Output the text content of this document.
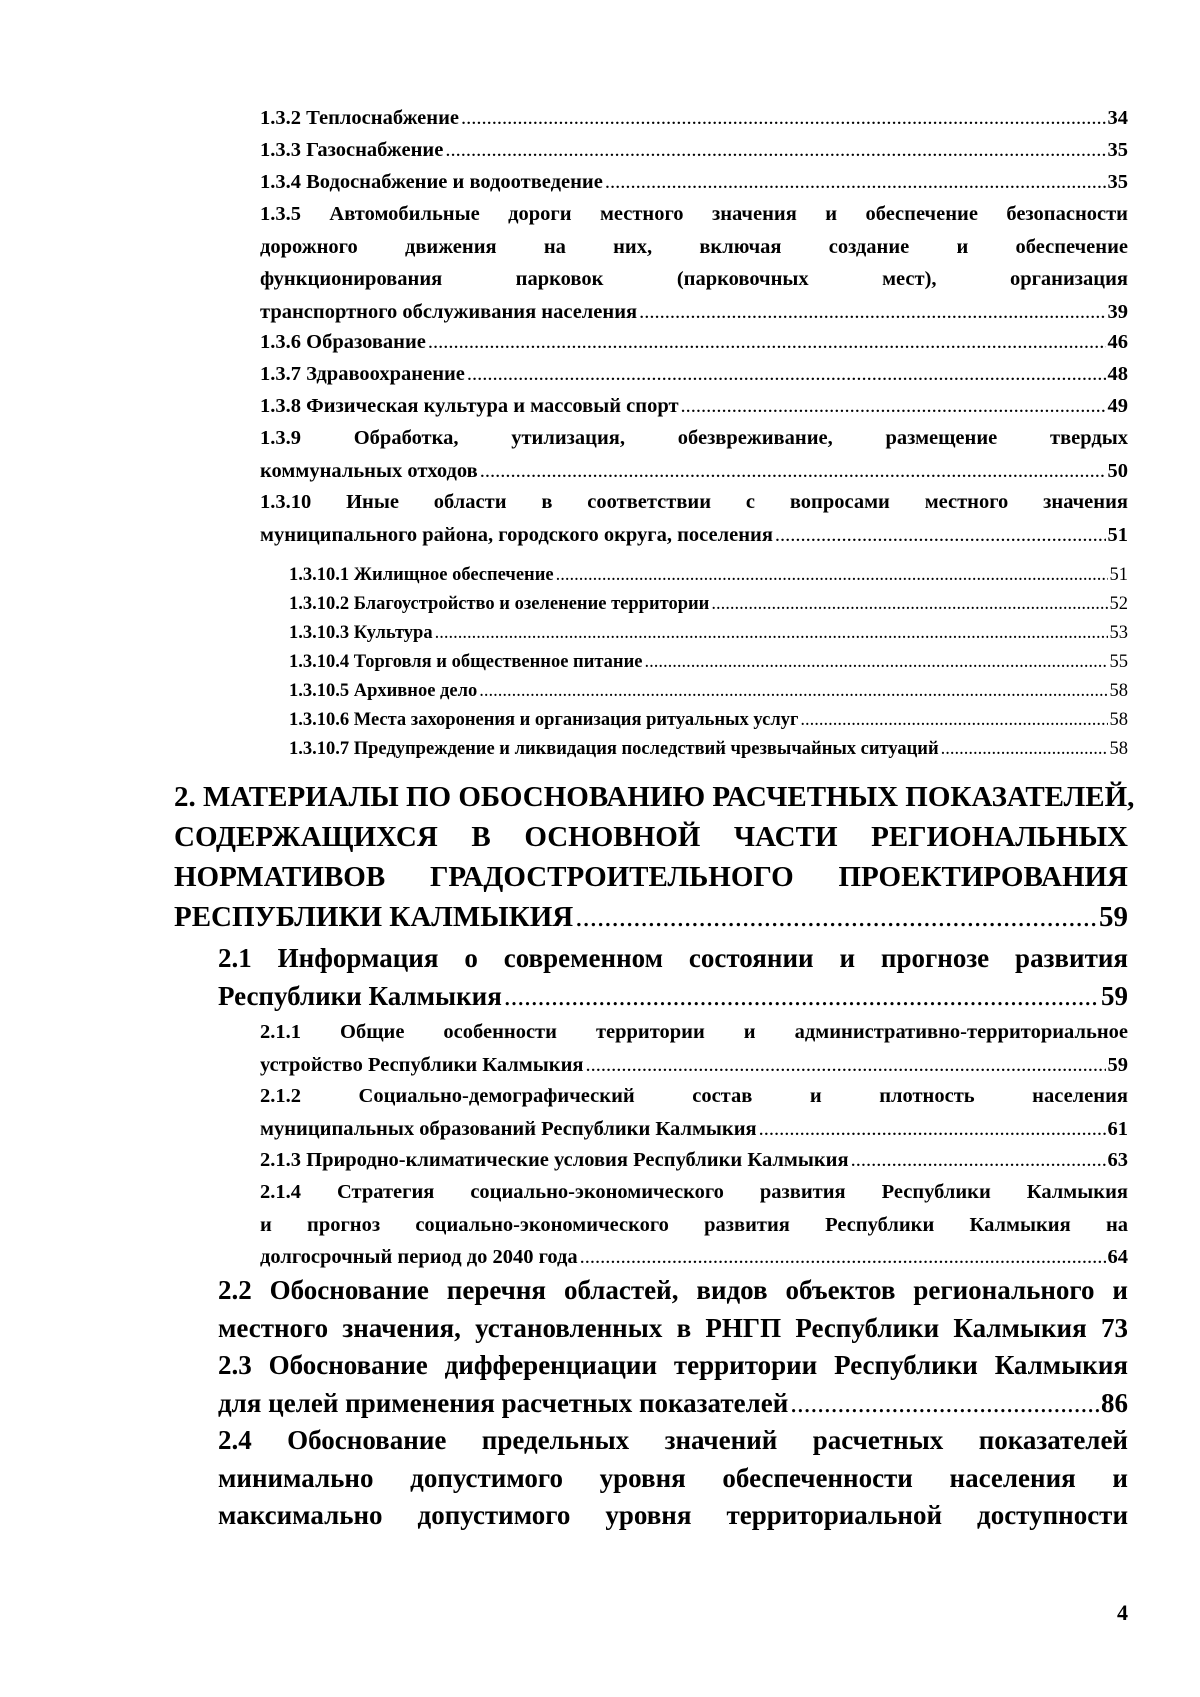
1.3.2 Теплоснабжение .....	34
1.3.3 Газоснабжение .....	35
1.3.4 Водоснабжение и водоотведение .....	35
1.3.5 Автомобильные дороги местного значения и обеспечение безопасности
дорожного движения на них, включая создание и обеспечение
функционирования парковок (парковочных мест), организация
транспортного обслуживания населения .....	39
1.3.6 Образование .....	46
1.3.7 Здравоохранение .....	48
1.3.8 Физическая культура и массовый спорт .....	49
1.3.9 Обработка, утилизация, обезвреживание, размещение твердых
коммунальных отходов .....	50
1.3.10 Иные области в соответствии с вопросами местного значения
муниципального района, городского округа, поселения .....	51
1.3.10.1 Жилищное обеспечение .....	51
1.3.10.2 Благоустройство и озеленение территории .....	52
1.3.10.3 Культура .....	53
1.3.10.4 Торговля и общественное питание .....	55
1.3.10.5 Архивное дело .....	58
1.3.10.6 Места захоронения и организация ритуальных услуг .....	58
1.3.10.7 Предупреждение и ликвидация последствий чрезвычайных ситуаций .....	58
2. МАТЕРИАЛЫ ПО ОБОСНОВАНИЮ РАСЧЕТНЫХ ПОКАЗАТЕЛЕЙ,
СОДЕРЖАЩИХСЯ В ОСНОВНОЙ ЧАСТИ РЕГИОНАЛЬНЫХ
НОРМАТИВОВ ГРАДОСТРОИТЕЛЬНОГО ПРОЕКТИРОВАНИЯ
РЕСПУБЛИКИ КАЛМЫКИЯ .....	59
2.1 Информация о современном состоянии и прогнозе развития
Республики Калмыкия .....	59
2.1.1 Общие особенности территории и административно-территориальное
устройство Республики Калмыкия .....	59
2.1.2 Социально-демографический состав и плотность населения
муниципальных образований Республики Калмыкия .....	61
2.1.3 Природно-климатические условия Республики Калмыкия .....	63
2.1.4 Стратегия социально-экономического развития Республики Калмыкия
и прогноз социально-экономического развития Республики Калмыкия на
долгосрочный период до 2040 года .....	64
2.2 Обоснование перечня областей, видов объектов регионального и
местного значения, установленных в РНГП Республики Калмыкия 73
2.3 Обоснование дифференциации территории Республики Калмыкия
для целей применения расчетных показателей .....	86
2.4 Обоснование предельных значений расчетных показателей
минимально допустимого уровня обеспеченности населения и
максимально допустимого уровня территориальной доступности
4
